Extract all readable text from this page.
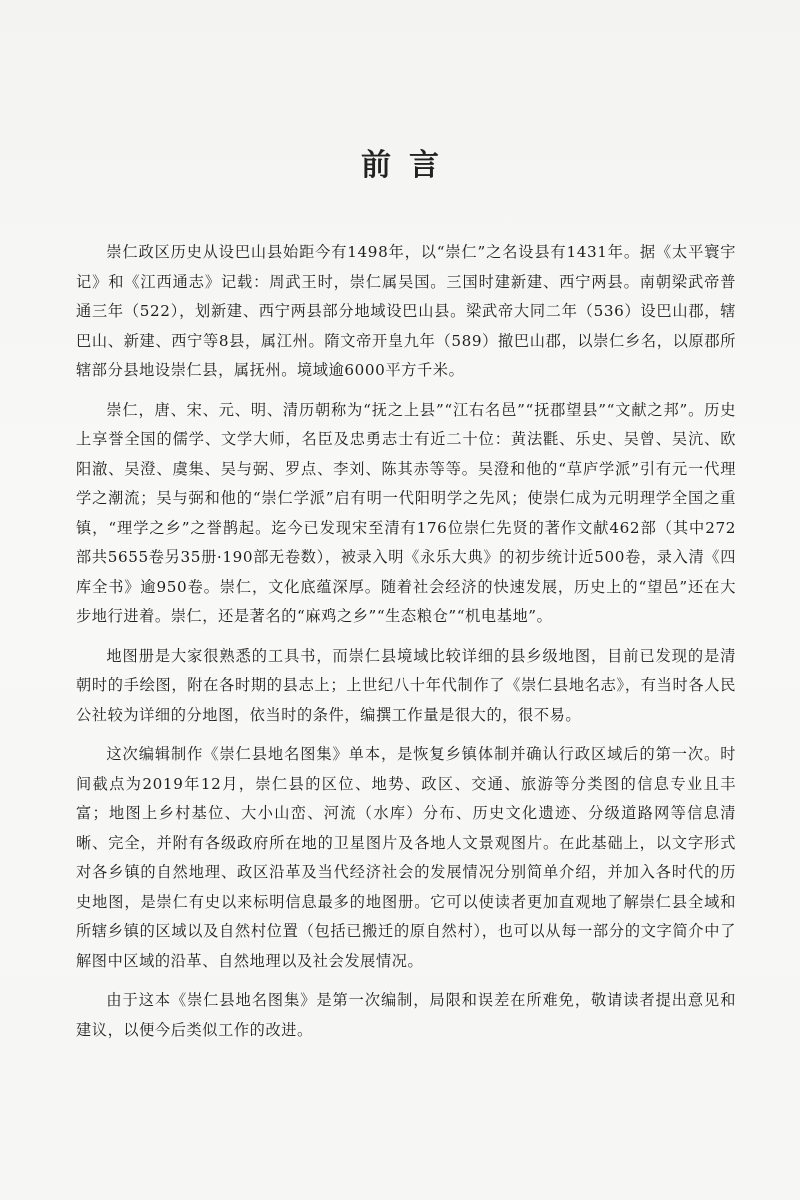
前言

崇仁政区历史从设巴山县始距今有1498年，以“崇仁”之名设县有1431年。据《太平寰宇记》和《江西通志》记载：周武王时，崇仁属吴国。三国时建新建、西宁两县。南朝梁武帝普通三年（522），划新建、西宁两县部分地域设巴山县。梁武帝大同二年（536）设巴山郡，辖巴山、新建、西宁等8县，属江州。隋文帝开皇九年（589）撤巴山郡，以崇仁乡名，以原郡所辖部分县地设崇仁县，属抚州。境域逾6000平方千米。

崇仁，唐、宋、元、明、清历朝称为“抚之上县”“江右名邑”“抚郡望县”“文献之邦”。历史上享誉全国的儒学、文学大师，名臣及忠勇志士有近二十位：黄法氍、乐史、吴曾、吴沆、欧阳澈、吴澄、虞集、吴与弼、罗点、李刘、陈其赤等等。吴澄和他的“草庐学派”引有元一代理学之潮流；吴与弼和他的“崇仁学派”启有明一代阳明学之先风；使崇仁成为元明理学全国之重镇，“理学之乡”之誉鹊起。迄今已发现宋至清有176位崇仁先贤的著作文献462部（其中272部共5655卷另35册·190部无卷数），被录入明《永乐大典》的初步统计近500卷，录入清《四库全书》逾950卷。崇仁，文化底蕴深厚。随着社会经济的快速发展，历史上的“望邑”还在大步地行进着。崇仁，还是著名的“麻鸡之乡”“生态粮仓”“机电基地”。

地图册是大家很熟悉的工具书，而崇仁县境域比较详细的县乡级地图，目前已发现的是清朝时的手绘图，附在各时期的县志上；上世纪八十年代制作了《崇仁县地名志》，有当时各人民公社较为详细的分地图，依当时的条件，编撰工作量是很大的，很不易。

这次编辑制作《崇仁县地名图集》单本，是恢复乡镇体制并确认行政区域后的第一次。时间截点为2019年12月，崇仁县的区位、地势、政区、交通、旅游等分类图的信息专业且丰富；地图上乡村基位、大小山峦、河流（水库）分布、历史文化遗迹、分级道路网等信息清晰、完全，并附有各级政府所在地的卫星图片及各地人文景观图片。在此基础上，以文字形式对各乡镇的自然地理、政区沿革及当代经济社会的发展情况分别简单介绍，并加入各时代的历史地图，是崇仁有史以来标明信息最多的地图册。它可以使读者更加直观地了解崇仁县全域和所辖乡镇的区域以及自然村位置（包括已搬迁的原自然村），也可以从每一部分的文字简介中了解图中区域的沿革、自然地理以及社会发展情况。

由于这本《崇仁县地名图集》是第一次编制，局限和误差在所难免，敬请读者提出意见和建议，以便今后类似工作的改进。
